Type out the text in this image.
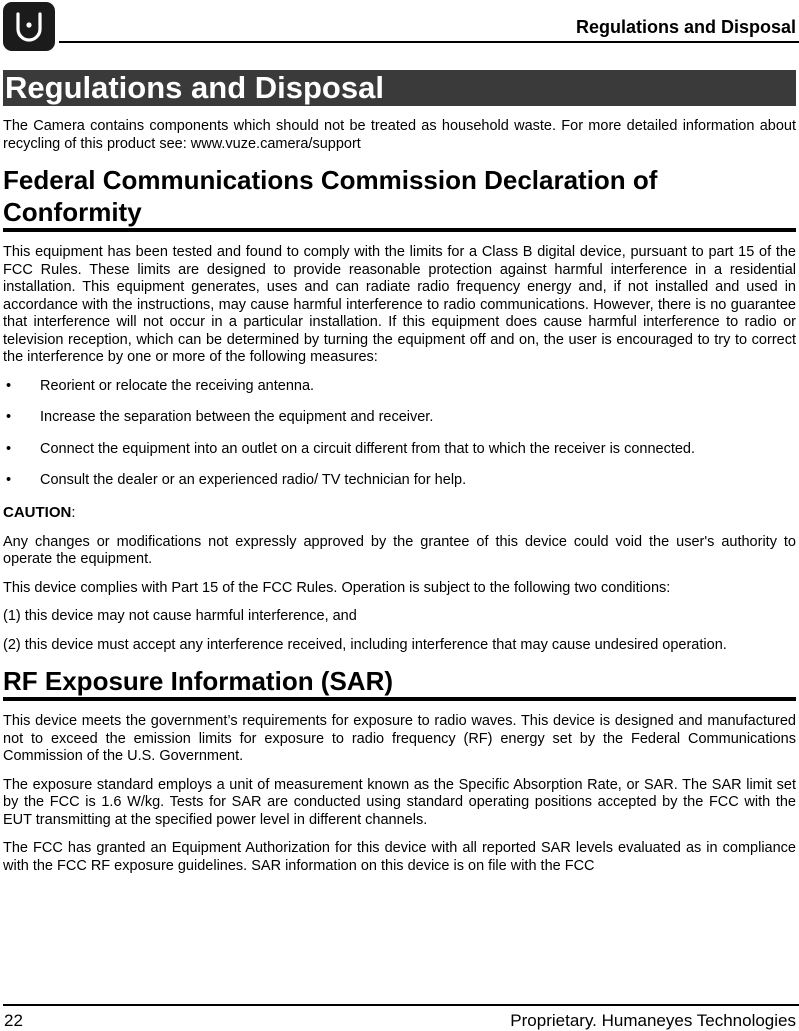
Regulations and Disposal
Regulations and Disposal

The Camera contains components which should not be treated as household waste. For more detailed information about recycling of this product see: www.vuze.camera/support

Federal Communications Commission Declaration of Conformity

This equipment has been tested and found to comply with the limits for a Class B digital device, pursuant to part 15 of the FCC Rules. These limits are designed to provide reasonable protection against harmful interference in a residential installation. This equipment generates, uses and can radiate radio frequency energy and, if not installed and used in accordance with the instructions, may cause harmful interference to radio communications. However, there is no guarantee that interference will not occur in a particular installation. If this equipment does cause harmful interference to radio or television reception, which can be determined by turning the equipment off and on, the user is encouraged to try to correct the interference by one or more of the following measures:

• Reorient or relocate the receiving antenna.
• Increase the separation between the equipment and receiver.
• Connect the equipment into an outlet on a circuit different from that to which the receiver is connected.
• Consult the dealer or an experienced radio/ TV technician for help.
CAUTION:

Any changes or modifications not expressly approved by the grantee of this device could void the user's authority to operate the equipment.

This device complies with Part 15 of the FCC Rules. Operation is subject to the following two conditions:

(1) this device may not cause harmful interference, and

(2) this device must accept any interference received, including interference that may cause undesired operation.

RF Exposure Information (SAR)

This device meets the government’s requirements for exposure to radio waves. This device is designed and manufactured not to exceed the emission limits for exposure to radio frequency (RF) energy set by the Federal Communications Commission of the U.S. Government.

The exposure standard employs a unit of measurement known as the Specific Absorption Rate, or SAR. The SAR limit set by the FCC is 1.6 W/kg. Tests for SAR are conducted using standard operating positions accepted by the FCC with the EUT transmitting at the specified power level in different channels.

The FCC has granted an Equipment Authorization for this device with all reported SAR levels evaluated as in compliance with the FCC RF exposure guidelines. SAR information on this device is on file with the FCC

22	Proprietary. Humaneyes Technologies
